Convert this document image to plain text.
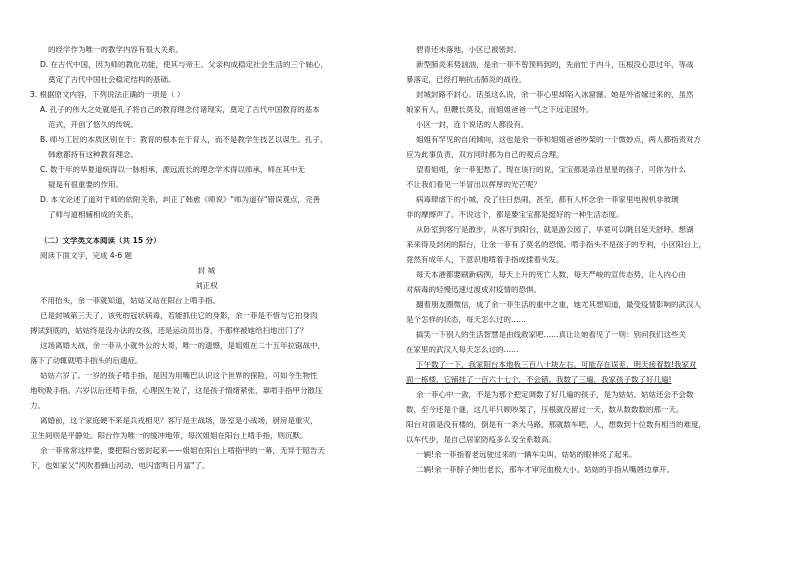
的经学作为唯一的教学内容有很大关系。

D. 在古代中国，因为师的教化功能，使其与帝王、父亲构成稳定社会生活的三个轴心，

奠定了古代中国社会稳定结构的基础。

3. 根据原文内容，下列说法正确的一项是（ ）

A. 孔子的伟大之处就是孔子将自己的教育理念付诸现实，奠定了古代中国教育的基本

范式，开创了悠久的传统。

B. 师与工匠的本质区别在于：教育的根本在于育人，而不是教学生技艺以谋生。孔子、

韩愈都持有这种教育理念。

C. 数千年的华夏道统得以一脉相承，源远流长的理念学术得以师承，师在其中无

疑是有很重要的作用。

D. 本文论述了道对于师的依附关系，纠正了韩愈《师说》"师为道存"错误观点，完善

了师与道相辅相成的关系。

（二）文学类文本阅读（共 15 分）

阅读下面文字，完成 4-6 题

封 城

刘正权

不用抬头，余一菲就知道，姑姑又站在阳台上啃手指。

已是封城第三天了，该死的冠状病毒，若能抓住它的身影，余一菲是不惜与它拍身肉

搏试到底的，姑姑终是没办法的女孩，还是运动员出身，不那样被她给扫地出门了？

这场离婚大战，余一菲从小就外公的大哥，唯一的遗憾，是姐姐在二十五年拉锯战中，

落下了动辄就啃手指头的后遗症。

姑姑六岁了。一岁的孩子啃手指，是因为用嘴巴认识这个世界的探险，可如今生物性

地吮吸手指。六岁以后还啃手指，心理医生说了，这是孩子情绪紧张，靠啃手指甲分散压

力。

离婚前，这个家庭硬不来是兵戎相见？客厅是主战场，卧室是小战场，厨房是重灾，

卫生间则是平静处。阳台作为唯一的缓冲地带，每次姐姐在阳台上啃手指，则沉默。

余一菲常常这样要，要把阳台密封起来——姐姐在阳台上啃指甲的一幕，无异于昭告天

下，也如家父"风吹着蜂山河动，电闪雷鸣日月富"了。

碧青还未落地，小区已被密封。

新型肺炎来势汹汹，是余一菲不曾预料到的，先前忙于内斗，压根没心思过年，等战

暴落定，已经打响抗击肺炎的战役。

封城封路不封心。话虽这么说，余一菲心里却陷入冰窟窿。她是外省嫁过来的，虽然

娘家有人，但鞭长莫及，而姐姐爸爸一气之下远走国外。

小区一封，连个说话的人都没有。

姐姐有罕见的自闭倾向，这也是余一菲和姐姐爸爸吵架的一个微妙点，两人都指责对方

应为此事负责，双方同时都为自己的观点合理。

望着姐姐，余一菲犯愁了。现在该行的说，宝宝都是亲自星星的孩子，可你为什么

不让我们看见一半冒出以挥厚的光芒呢？

病毒肆虐下的小城，没了往日热闹，甚至，都有人怀念余一菲家里电视机非玻璃

非的摩擦声了。不说这个，都是要宝宝都是挺好的一种生活态度。

从卧室到客厅是散步，从客厅到阳台，就是游公园了，毕竟可以眺目延天舒呼。想湖

来来得及封闭的阳台，让余一菲有了莫名的恐慌。啃手指头不是孩子的专利，小区阳台上，

竟然有成年人，下意识地啃着手指或揉着头发。

每天本港都要刷新病例，每天上升的死亡人数，每天严峻的宣传态势，让人内心由

对病毒的轻慢迅速过渡成对疫情的恐惧。

翻着朋友圈微信，成了余一菲生活的重中之重，她尤其想知道，最受疫情影响的武汉人

是个怎样的状态，每天怎么过的……

搞笑一下别人的生活智慧是由线救家吧……真让让她看见了一则：别问我们这些关

在家里的武汉人每天怎么过的……

下午数了一下，我家阳台本地板三百八十块左右。可能存在误差，明天接着数!我家对

面一栋楼，它铺挂了一百六十七个，不会错。我数了三遍，我家孩子数了好几遍!

余一菲心中一敛，不是为那个把定调数了好几遍的孩子，是为姑姑。姑姑还会不会数

数，至今还是个谜，这几年只顾吵架了，压根就没留过一天，数从数数数的那一天。

阳台对面是没有楼的，倒是有一条大马路，那就数车吧，人，想数到十位数有相当的难度，

以车代步，是自己居家防疫多么安全系数高。

一辆!余一菲指着老远驶过来的一辆车尖叫，姑姑的眼神亮了起来。

二辆!余一菲脖子伸出老长，那车才审完血极大小。姑姑的手指从嘴唇边拿开。
